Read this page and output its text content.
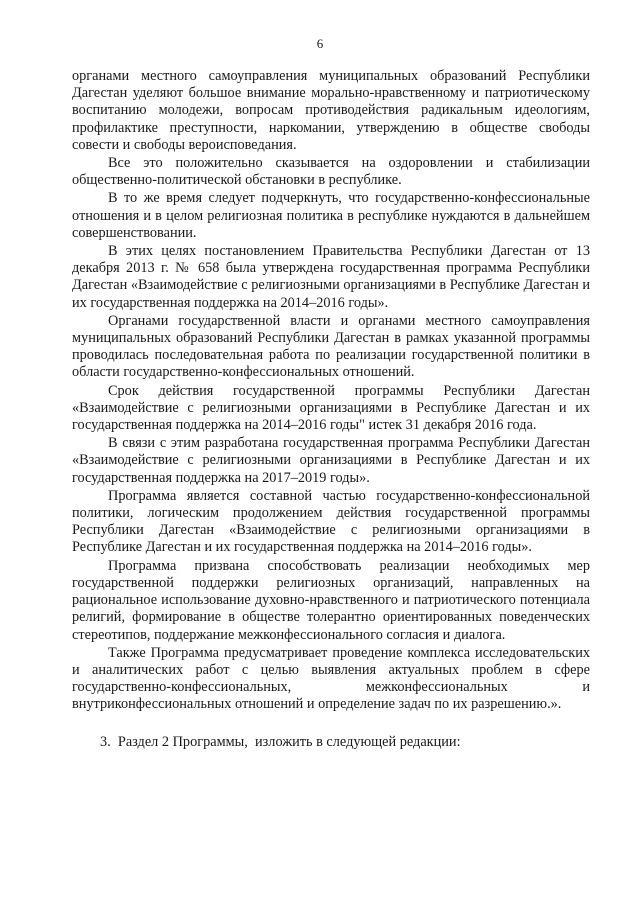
6

органами местного самоуправления муниципальных образований Республики Дагестан уделяют большое внимание морально-нравственному и патриотическому воспитанию молодежи, вопросам противодействия радикальным идеологиям, профилактике преступности, наркомании, утверждению в обществе свободы совести и свободы вероисповедания.

Все это положительно сказывается на оздоровлении и стабилизации общественно-политической обстановки в республике.

В то же время следует подчеркнуть, что государственно-конфессиональные отношения и в целом религиозная политика в республике нуждаются в дальнейшем совершенствовании.

В этих целях постановлением Правительства Республики Дагестан от 13 декабря 2013 г. № 658 была утверждена государственная программа Республики Дагестан «Взаимодействие с религиозными организациями в Республике Дагестан и их государственная поддержка на 2014–2016 годы».

Органами государственной власти и органами местного самоуправления муниципальных образований Республики Дагестан в рамках указанной программы проводилась последовательная работа по реализации государственной политики в области государственно-конфессиональных отношений.

Срок действия государственной программы Республики Дагестан «Взаимодействие с религиозными организациями в Республике Дагестан и их государственная поддержка на 2014–2016 годы" истек 31 декабря 2016 года.

В связи с этим разработана государственная программа Республики Дагестан «Взаимодействие с религиозными организациями в Республике Дагестан и их государственная поддержка на 2017–2019 годы».

Программа является составной частью государственно-конфессиональной политики, логическим продолжением действия государственной программы Республики Дагестан «Взаимодействие с религиозными организациями в Республике Дагестан и их государственная поддержка на 2014–2016 годы».

Программа призвана способствовать реализации необходимых мер государственной поддержки религиозных организаций, направленных на рациональное использование духовно-нравственного и патриотического потенциала религий, формирование в обществе толерантно ориентированных поведенческих стереотипов, поддержание межконфессионального согласия и диалога.

Также Программа предусматривает проведение комплекса исследовательских и аналитических работ с целью выявления актуальных проблем в сфере государственно-конфессиональных, межконфессиональных и внутриконфессиональных отношений и определение задач по их разрешению.».

3.  Раздел 2 Программы,  изложить в следующей редакции:
